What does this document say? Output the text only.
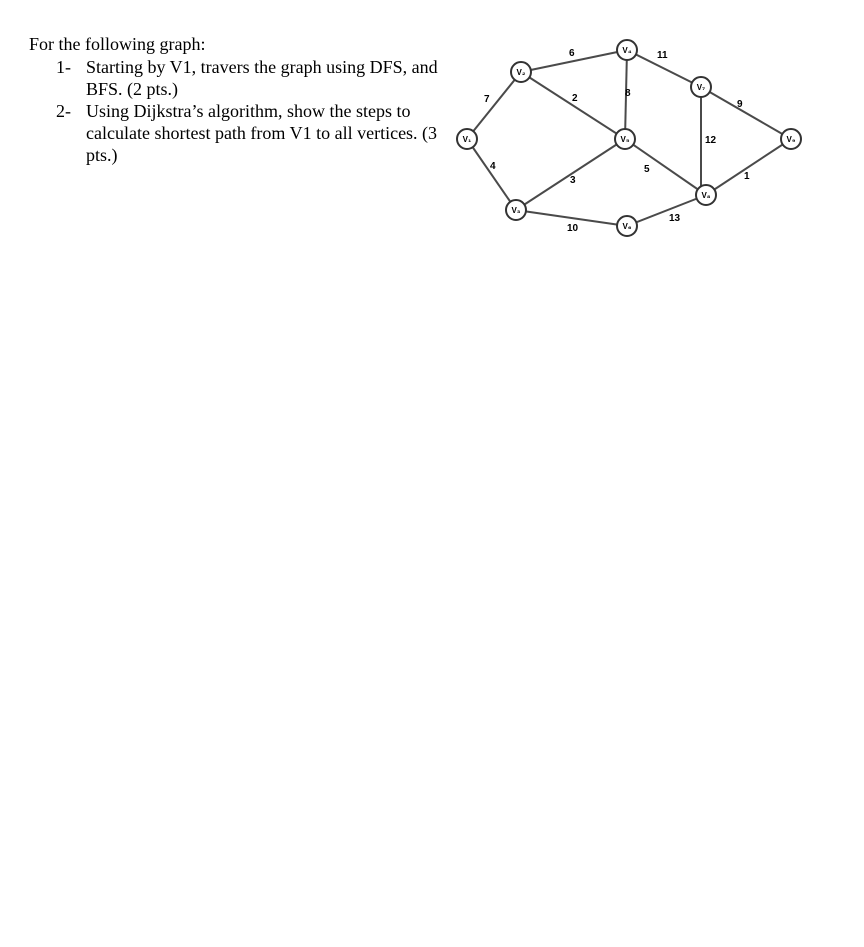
For the following graph:

1- Starting by V1, travers the graph using DFS, and BFS. (2 pts.)
2- Using Dijkstra’s algorithm, show the steps to calculate shortest path from V1 to all vertices. (3 pts.)
7
4
6
2
3
10
8
11
5
13
12
9
1
V₁
V₂
V₃
V₄
V₅
V₆
V₇
V₈
V₉
